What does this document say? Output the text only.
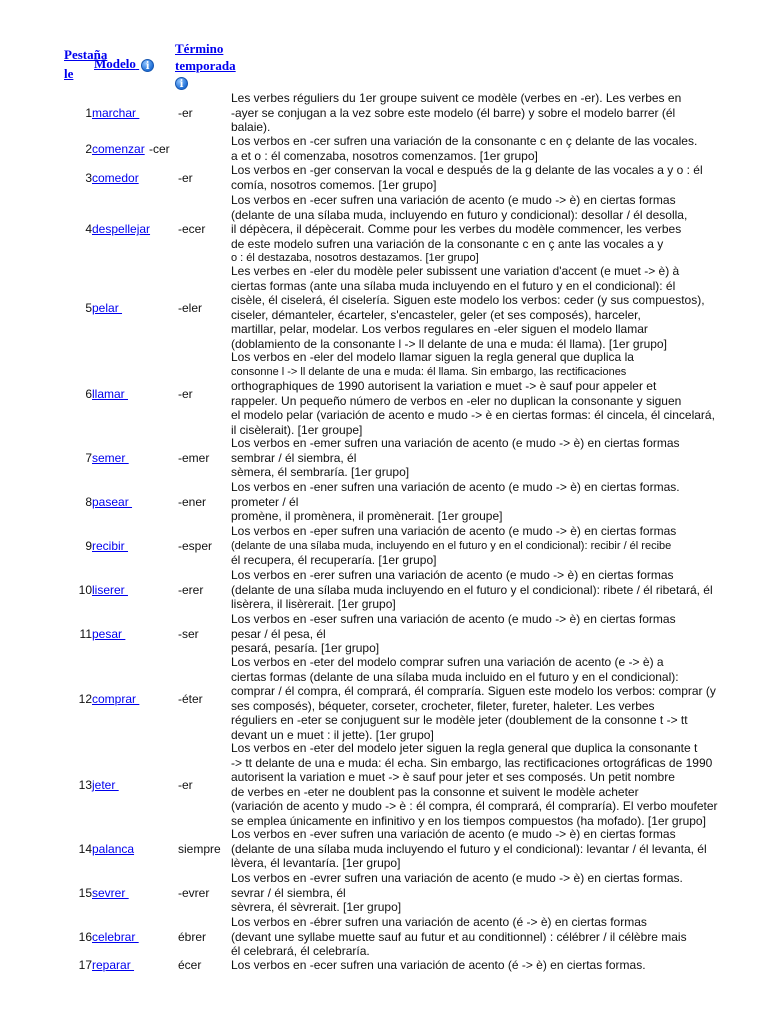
Pestaña
le
Modelo i
Término
temporada
i
1 marchar	-er
Les verbes réguliers du 1er groupe suivent ce modèle (verbes en -er). Les verbes en
-ayer se conjugan a la vez sobre este modelo (él barre) y sobre el modelo barrer (él
balaie).
2 comenzar -cer
Los verbos en -cer sufren una variación de la consonante c en ç delante de las vocales.
a et o : él comenzaba, nosotros comenzamos. [1er grupo]
3 comedor	-er
Los verbos en -ger conservan la vocal e después de la g delante de las vocales a y o : él
comía, nosotros comemos. [1er grupo]
4 despellejar -ecer
Los verbos en -ecer sufren una variación de acento (e mudo -> è) en ciertas formas
(delante de una sílaba muda, incluyendo en futuro y condicional): desollar / él desolla,
il dépècera, il dépècerait. Comme pour les verbes du modèle commencer, les verbes
de este modelo sufren una variación de la consonante c en ç ante las vocales a y
o : él destazaba, nosotros destazamos. [1er grupo]
5 pelar	-eler
Les verbes en -eler du modèle peler subissent une variation d'accent (e muet -> è) à
ciertas formas (ante una sílaba muda incluyendo en el futuro y en el condicional): él
cisèle, él ciselerá, él ciselería. Siguen este modelo los verbos: ceder (y sus compuestos),
ciseler, démanteler, écarteler, s'encasteler, geler (et ses composés), harceler,
martillar, pelar, modelar. Los verbos regulares en -eler siguen el modelo llamar
(doblamiento de la consonante l -> ll delante de una e muda: él llama). [1er grupo]
6 llamar	-er
Los verbos en -eler del modelo llamar siguen la regla general que duplica la
consonne l -> ll delante de una e muda: él llama. Sin embargo, las rectificaciones
orthographiques de 1990 autorisent la variation e muet -> è sauf pour appeler et
rappeler. Un pequeño número de verbos en -eler no duplican la consonante y siguen
el modelo pelar (variación de acento e mudo -> è en ciertas formas: él cincela, él cincelará,
il cisèlerait). [1er groupe]
7 semer	-emer
Los verbos en -emer sufren una variación de acento (e mudo -> è) en ciertas formas
sembrar / él siembra, él
sèmera, él sembraría. [1er grupo]
8 pasear	-ener
Los verbos en -ener sufren una variación de acento (e mudo -> è) en ciertas formas.
prometer / él
promène, il promènera, il promènerait. [1er groupe]
9 recibir	-esper
Los verbos en -eper sufren una variación de acento (e mudo -> è) en ciertas formas
(delante de una sílaba muda, incluyendo en el futuro y en el condicional): recibir / él recibe
él recupera, él recuperaría. [1er grupo]
10 liserer	-erer
Los verbos en -erer sufren una variación de acento (e mudo -> è) en ciertas formas
(delante de una sílaba muda incluyendo en el futuro y el condicional): ribete / él ribetará, él
lisèrera, il lisèrerait. [1er grupo]
11 pesar	-ser
Los verbos en -eser sufren una variación de acento (e mudo -> è) en ciertas formas
pesar / él pesa, él
pesará, pesaría. [1er grupo]
12 comprar	-éter
Los verbos en -eter del modelo comprar sufren una variación de acento (e -> è) a
ciertas formas (delante de una sílaba muda incluido en el futuro y en el condicional):
comprar / él compra, él comprará, él compraría. Siguen este modelo los verbos: comprar (y
ses composés), béqueter, corseter, crocheter, fileter, fureter, haleter. Les verbes
réguliers en -eter se conjuguent sur le modèle jeter (doublement de la consonne t -> tt
devant un e muet : il jette). [1er grupo]
13 jeter	-er
Los verbos en -eter del modelo jeter siguen la regla general que duplica la consonante t
-> tt delante de una e muda: él echa. Sin embargo, las rectificaciones ortográficas de 1990
autorisent la variation e muet -> è sauf pour jeter et ses composés. Un petit nombre
de verbes en -eter ne doublent pas la consonne et suivent le modèle acheter
(variación de acento y mudo -> è : él compra, él comprará, él compraría). El verbo moufeter
se emplea únicamente en infinitivo y en los tiempos compuestos (ha mofado). [1er grupo]
14 palanca	siempre
Los verbos en -ever sufren una variación de acento (e mudo -> è) en ciertas formas
(delante de una sílaba muda incluyendo el futuro y el condicional): levantar / él levanta, él
lèvera, él levantaría. [1er grupo]
15 sevrer	-evrer
Los verbos en -evrer sufren una variación de acento (e mudo -> è) en ciertas formas.
sevrar / él siembra, él
sèvrera, él sèvrerait. [1er grupo]
16 celebrar	ébrer
Los verbos en -ébrer sufren una variación de acento (é -> è) en ciertas formas
(devant une syllabe muette sauf au futur et au conditionnel) : célébrer / il célèbre mais
él celebrará, él celebraría.
17 reparar	écer Los verbos en -ecer sufren una variación de acento (é -> è) en ciertas formas.
